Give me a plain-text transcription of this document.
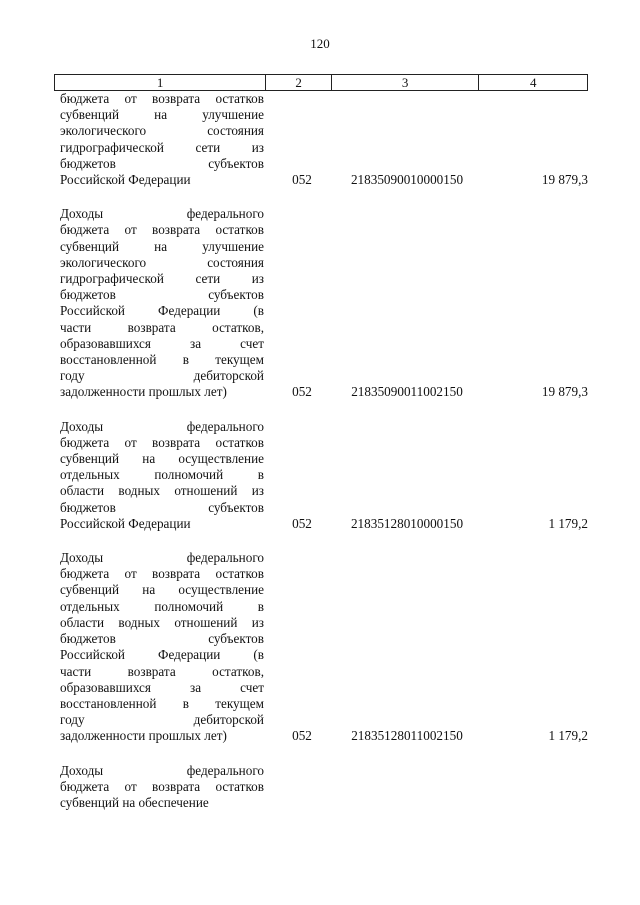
120
1	2	3	4
бюджета от возврата остатков
субвенций на улучшение
экологического состояния
гидрографической сети из
бюджетов субъектов
Российской Федерации	052	21835090010000150	19 879,3
Доходы федерального
бюджета от возврата остатков
субвенций на улучшение
экологического состояния
гидрографической сети из
бюджетов субъектов
Российской Федерации (в
части возврата остатков,
образовавшихся за счет
восстановленной в текущем
году дебиторской
задолженности прошлых лет)	052	21835090011002150	19 879,3
Доходы федерального
бюджета от возврата остатков
субвенций на осуществление
отдельных полномочий в
области водных отношений из
бюджетов субъектов
Российской Федерации	052	21835128010000150	1 179,2
Доходы федерального
бюджета от возврата остатков
субвенций на осуществление
отдельных полномочий в
области водных отношений из
бюджетов субъектов
Российской Федерации (в
части возврата остатков,
образовавшихся за счет
восстановленной в текущем
году дебиторской
задолженности прошлых лет)	052	21835128011002150	1 179,2
Доходы федерального
бюджета от возврата остатков
субвенций на обеспечение
